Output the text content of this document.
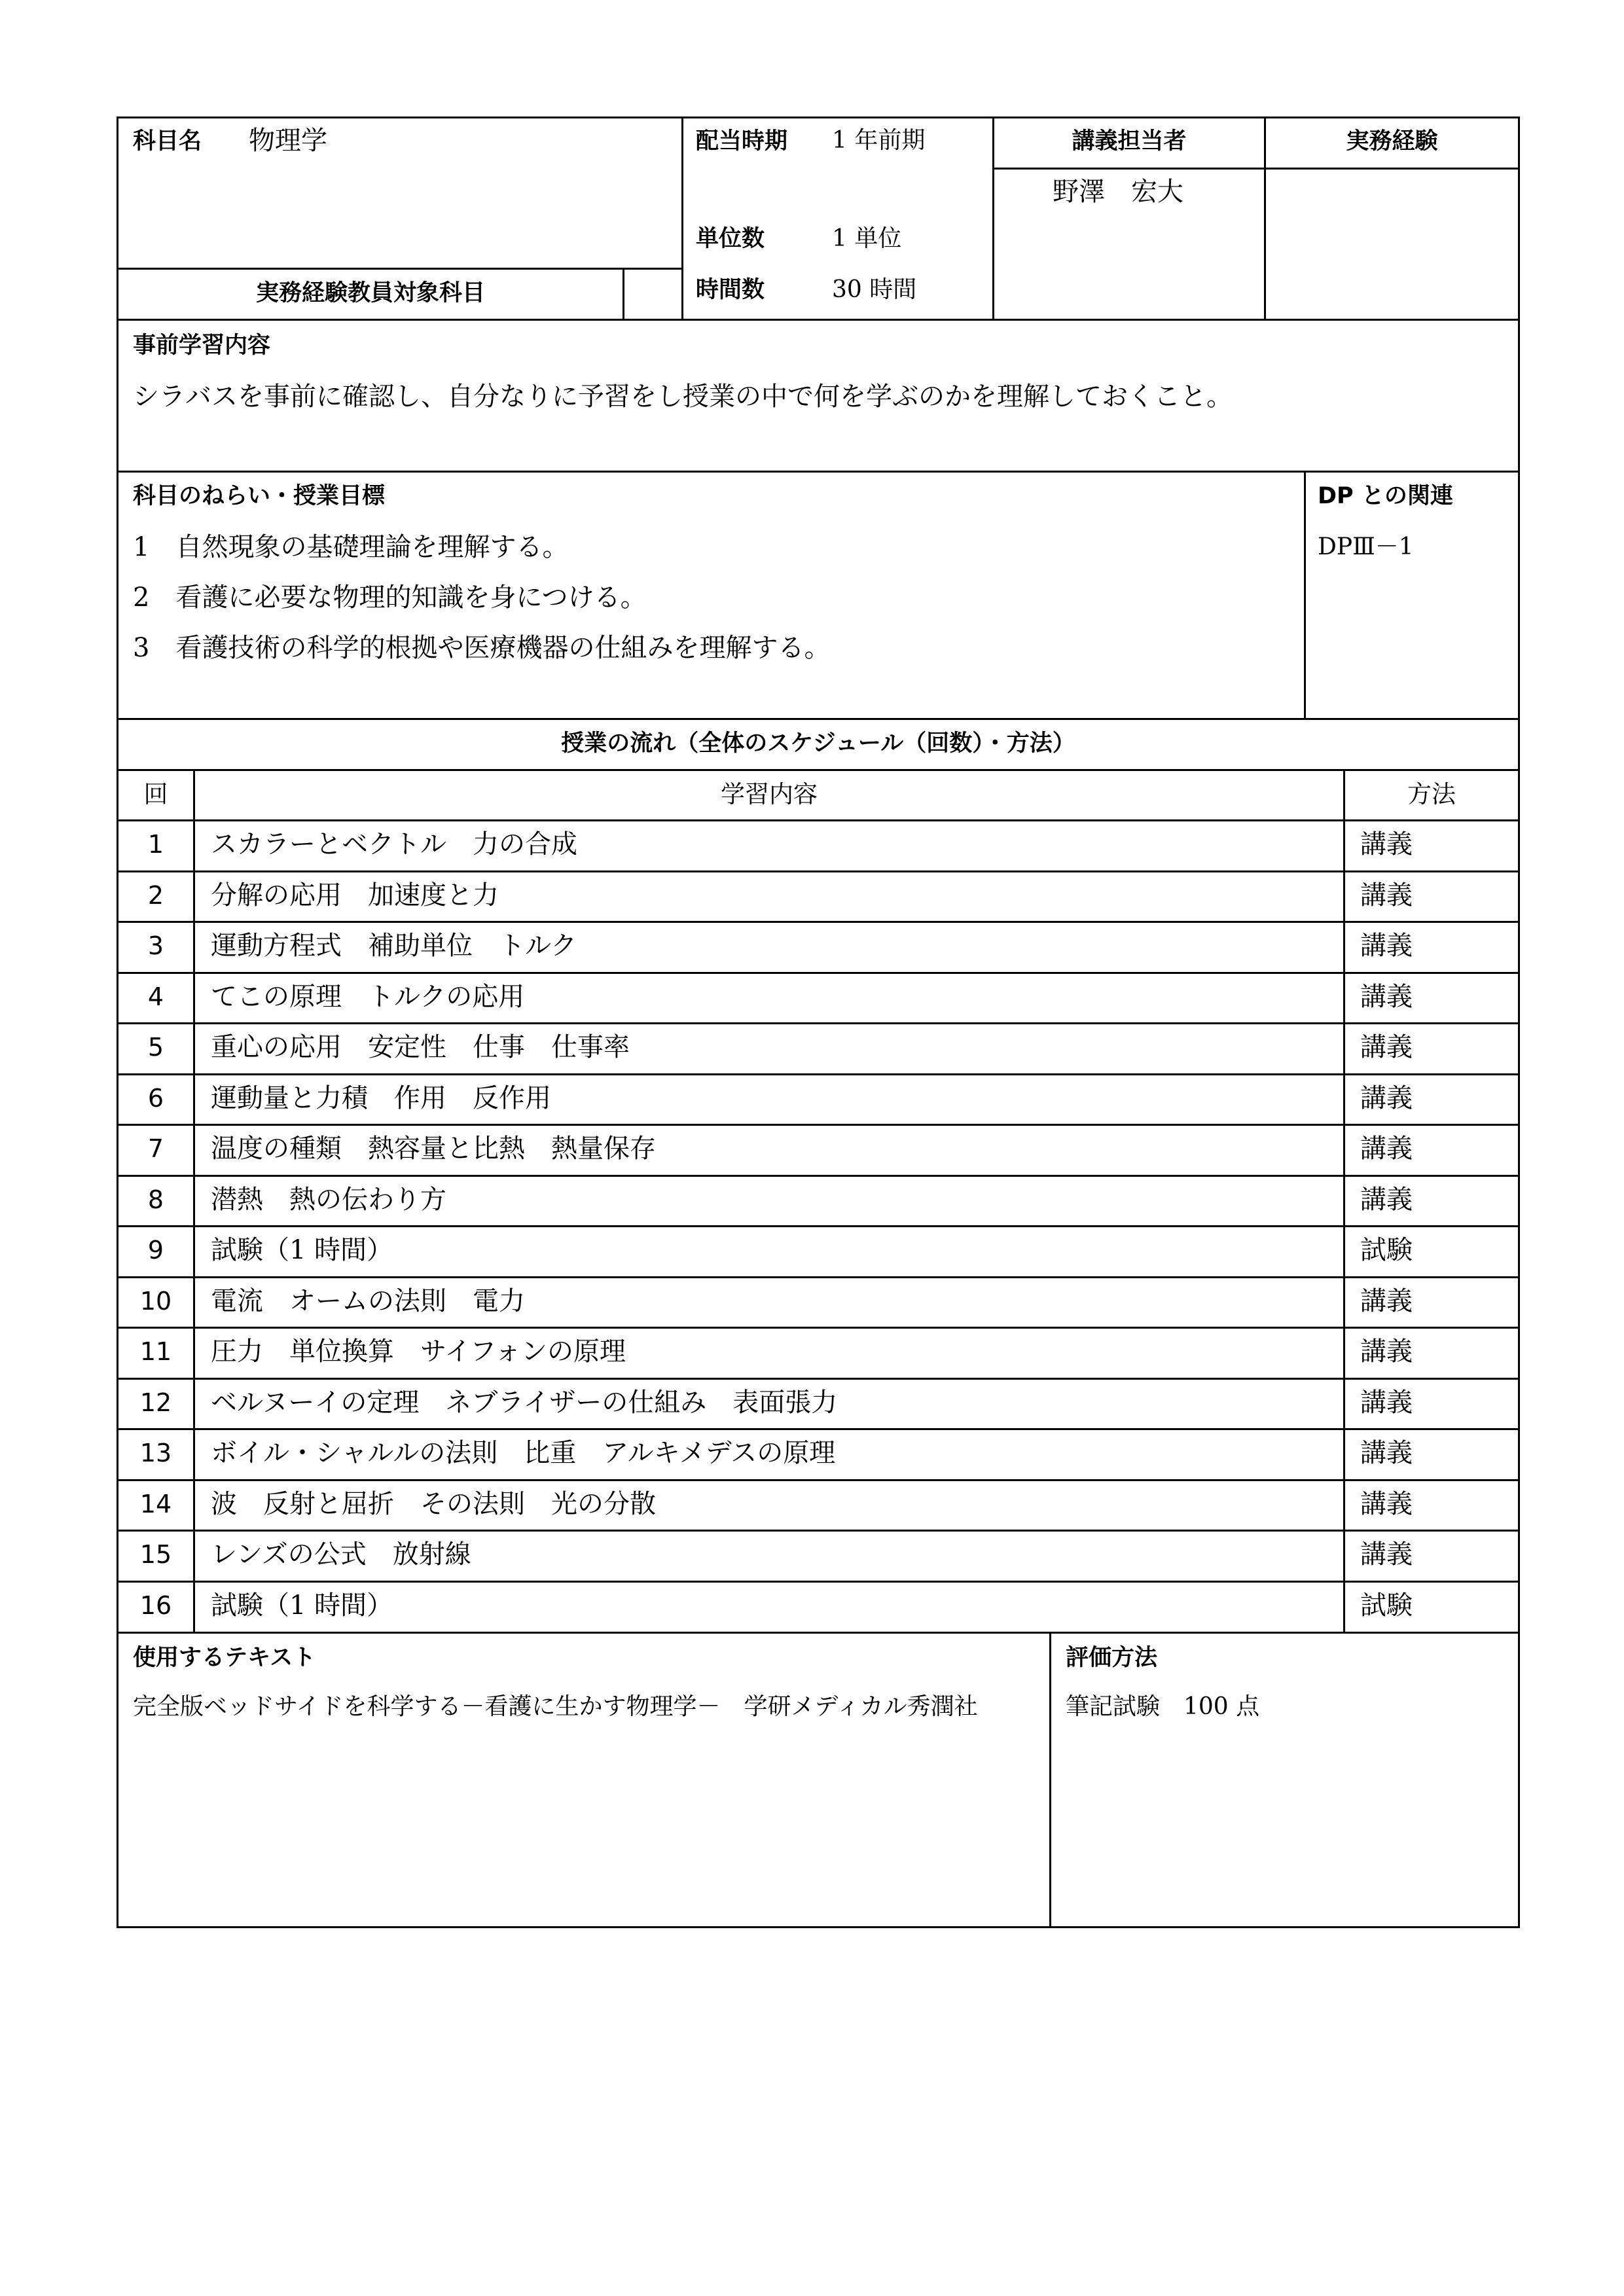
科目名 物理学	配当時期 1 年前期
単位数	1 単位
時間数	30 時間
講義担当者
野澤　宏大
実務経験
実務経験教員対象科目
事前学習内容
シラバスを事前に確認し、自分なりに予習をし授業の中で何を学ぶのかを理解しておくこと。
科目のねらい・授業目標
1　自然現象の基礎理論を理解する。
2　看護に必要な物理的知識を身につける。
3　看護技術の科学的根拠や医療機器の仕組みを理解する。
DP との関連
DPⅢ－1
授業の流れ（全体のスケジュール（回数）・方法）
回	学習内容	方法
1	スカラーとベクトル　力の合成	講義
2	分解の応用　加速度と力	講義
3	運動方程式　補助単位　トルク	講義
4	てこの原理　トルクの応用	講義
5	重心の応用　安定性　仕事　仕事率	講義
6	運動量と力積　作用　反作用	講義
7	温度の種類　熱容量と比熱　熱量保存	講義
8	潜熱　熱の伝わり方	講義
9	試験（1 時間）	試験
10	電流　オームの法則　電力	講義
11	圧力　単位換算　サイフォンの原理	講義
12	ベルヌーイの定理　ネブライザーの仕組み　表面張力	講義
13	ボイル・シャルルの法則　比重　アルキメデスの原理	講義
14	波　反射と屈折　その法則　光の分散	講義
15	レンズの公式　放射線	講義
16	試験（1 時間）	試験
使用するテキスト
完全版ベッドサイドを科学する－看護に生かす物理学－　学研メディカル秀潤社
評価方法
筆記試験　100 点
